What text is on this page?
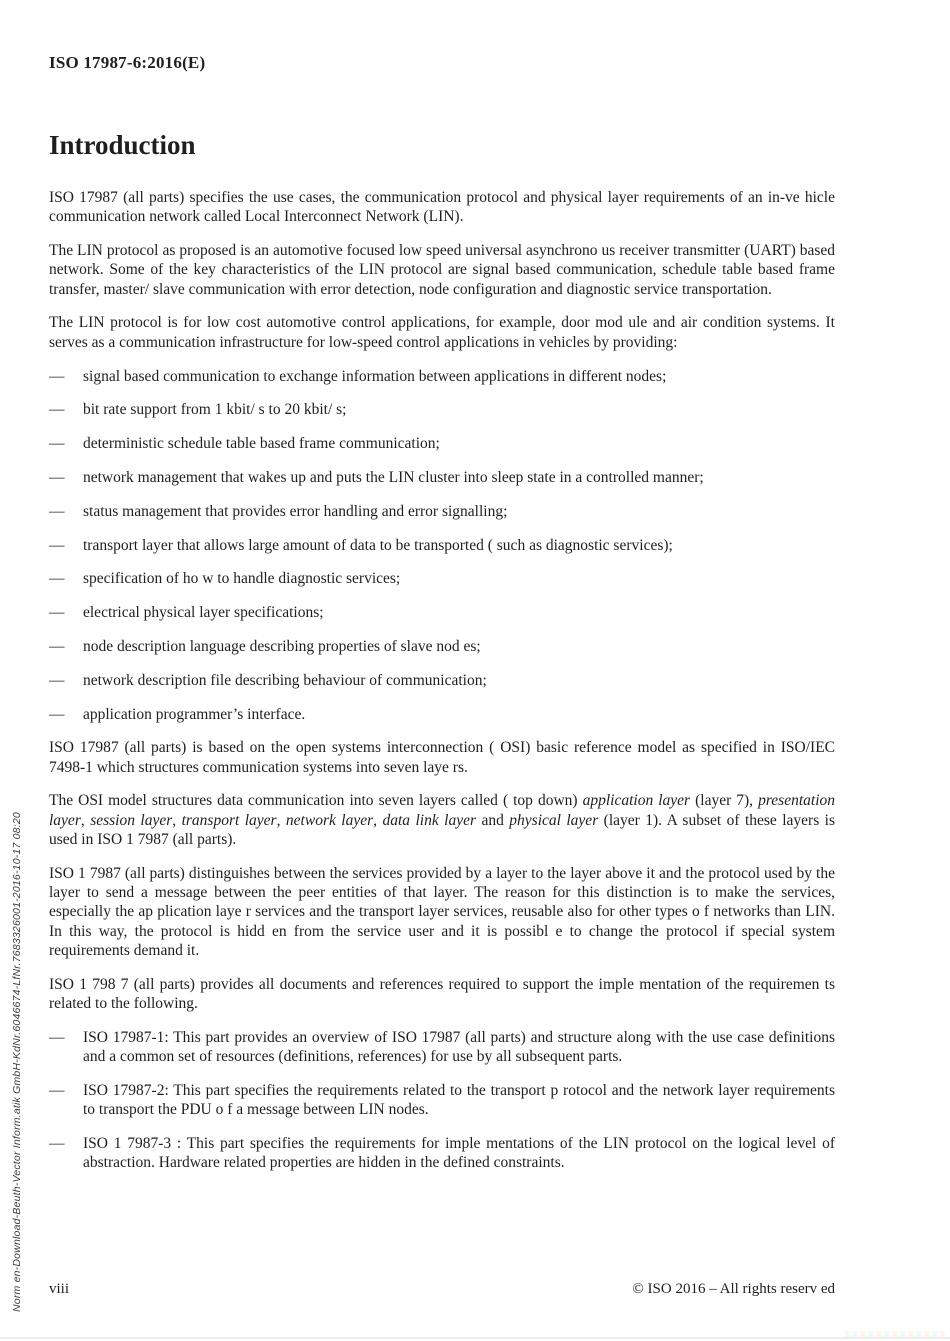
ISO 17987-6:2016(E)
Introduction

ISO 17987 (all parts) specifies the use cases, the communication protocol and physical layer requirements of an in-ve hicle communication network called Local Interconnect Network (LIN).

The LIN protocol as proposed is an automotive focused low speed universal asynchrono us receiver transmitter (UART) based network. Some of the key characteristics of the LIN protocol are signal based communication, schedule table based frame transfer, master/ slave communication with error detection, node configuration and diagnostic service transportation.

The LIN protocol is for low cost automotive control applications, for example, door mod ule and air condition systems. It serves as a communication infrastructure for low-speed control applications in vehicles by providing:

—	signal based communication to exchange information between applications in different nodes;
—	bit rate support from 1 kbit/ s to 20 kbit/ s;
—	deterministic schedule table based frame communication;
—	network management that wakes up and puts the LIN cluster into sleep state in a controlled manner;
—	status management that provides error handling and error signalling;
—	transport layer that allows large amount of data to be transported ( such as diagnostic services);
—	specification of ho w to handle diagnostic services;
—	electrical physical layer specifications;
—	node description language describing properties of slave nod es;
—	network description file describing behaviour of communication;
—	application programmer’s interface.

ISO 17987 (all parts) is based on the open systems interconnection ( OSI) basic reference model as specified in ISO/IEC 7498-1 which structures communication systems into seven laye rs.

The OSI model structures data communication into seven layers called ( top down) application layer (layer 7), presentation layer, session layer, transport layer, network layer, data link layer and physical layer (layer 1). A subset of these layers is used in ISO 1 7987 (all parts).

ISO 1 7987 (all parts) distinguishes between the services provided by a layer to the layer above it and the protocol used by the layer to send a message between the peer entities of that layer. The reason for this distinction is to make the services, especially the ap plication laye r services and the transport layer services, reusable also for other types o f networks than LIN. In this way, the protocol is hidd en from the service user and it is possibl e to change the protocol if special system requirements demand it.

ISO 1 798 7 (all parts) provides all documents and references required to support the imple mentation of the requiremen ts related to the following.

—	ISO 17987-1: This part provides an overview of ISO 17987 (all parts) and structure along with the use case definitions and a common set of resources (definitions, references) for use by all subsequent parts.
—	ISO 17987-2: This part specifies the requirements related to the transport p rotocol and the network layer requirements to transport the PDU o f a message between LIN nodes.
—	ISO 1 7987-3 : This part specifies the requirements for imple mentations of the LIN protocol on the logical level of abstraction. Hardware related properties are hidden in the defined constraints.
Norm en-Download-Beuth-Vector Inform.atik GmbH-KdNr.6046674-LfNr.7683326001-2016-10-17 08:20 viii	© ISO 2016 – All rights reserv ed
